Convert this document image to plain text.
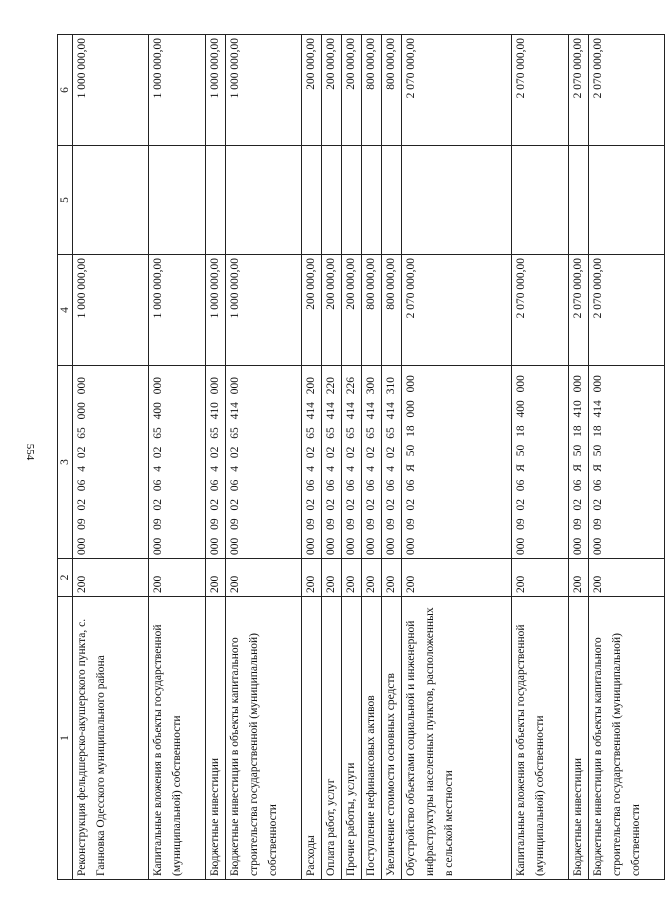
554
1	2	3	4	5	6
Реконструкция фельдшерско-акушерского пункта, с. Ганновка Одесского муниципального района	200	000 09 02 06 4 02 65 000 000	1 000 000,00		1 000 000,00
Капитальные вложения в объекты государственной (муниципальной) собственности	200	000 09 02 06 4 02 65 400 000	1 000 000,00		1 000 000,00
Бюджетные инвестиции	200	000 09 02 06 4 02 65 410 000	1 000 000,00		1 000 000,00
Бюджетные инвестиции в объекты капитального строительства государственной (муниципальной) собственности	200	000 09 02 06 4 02 65 414 000	1 000 000,00		1 000 000,00
Расходы	200	000 09 02 06 4 02 65 414 200	200 000,00		200 000,00
Оплата работ, услуг	200	000 09 02 06 4 02 65 414 220	200 000,00		200 000,00
Прочие работы, услуги	200	000 09 02 06 4 02 65 414 226	200 000,00		200 000,00
Поступление нефинансовых активов	200	000 09 02 06 4 02 65 414 300	800 000,00		800 000,00
Увеличение стоимости основных средств	200	000 09 02 06 4 02 65 414 310	800 000,00		800 000,00
Обустройство объектами социальной и инженерной инфраструктуры населенных пунктов, расположенных в сельской местности	200	000 09 02 06 Я 50 18 000 000	2 070 000,00		2 070 000,00
Капитальные вложения в объекты государственной (муниципальной) собственности	200	000 09 02 06 Я 50 18 400 000	2 070 000,00		2 070 000,00
Бюджетные инвестиции	200	000 09 02 06 Я 50 18 410 000	2 070 000,00		2 070 000,00
Бюджетные инвестиции в объекты капитального строительства государственной (муниципальной) собственности	200	000 09 02 06 Я 50 18 414 000	2 070 000,00		2 070 000,00
